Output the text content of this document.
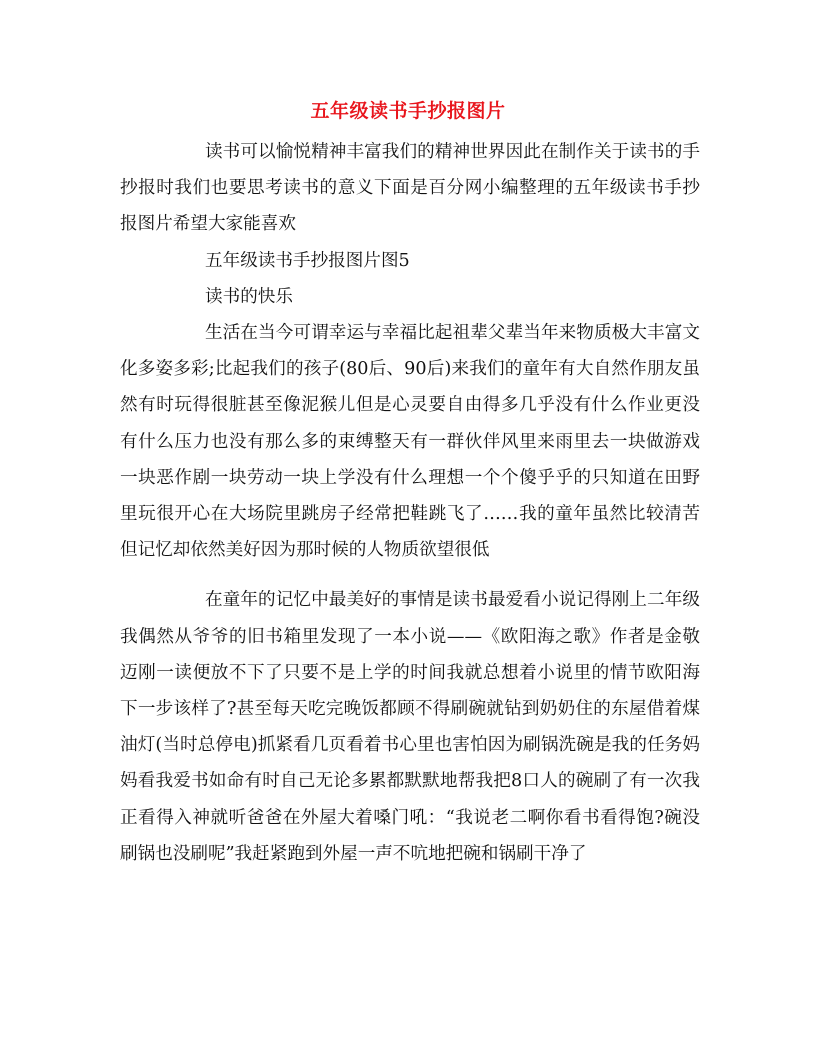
五年级读书手抄报图片

读书可以愉悦精神丰富我们的精神世界因此在制作关于读书的手抄报时我们也要思考读书的意义下面是百分网小编整理的五年级读书手抄报图片希望大家能喜欢

五年级读书手抄报图片图5

读书的快乐

生活在当今可谓幸运与幸福比起祖辈父辈当年来物质极大丰富文化多姿多彩;比起我们的孩子(80后、90后)来我们的童年有大自然作朋友虽然有时玩得很脏甚至像泥猴儿但是心灵要自由得多几乎没有什么作业更没有什么压力也没有那么多的束缚整天有一群伙伴风里来雨里去一块做游戏一块恶作剧一块劳动一块上学没有什么理想一个个傻乎乎的只知道在田野里玩很开心在大场院里跳房子经常把鞋跳飞了……我的童年虽然比较清苦但记忆却依然美好因为那时候的人物质欲望很低

在童年的记忆中最美好的事情是读书最爱看小说记得刚上二年级我偶然从爷爷的旧书箱里发现了一本小说——《欧阳海之歌》作者是金敬迈刚一读便放不下了只要不是上学的时间我就总想着小说里的情节欧阳海下一步该样了?甚至每天吃完晚饭都顾不得刷碗就钻到奶奶住的东屋借着煤油灯(当时总停电)抓紧看几页看着书心里也害怕因为刷锅洗碗是我的任务妈妈看我爱书如命有时自己无论多累都默默地帮我把8口人的碗刷了有一次我正看得入神就听爸爸在外屋大着嗓门吼：“我说老二啊你看书看得饱?碗没刷锅也没刷呢”我赶紧跑到外屋一声不吭地把碗和锅刷干净了
